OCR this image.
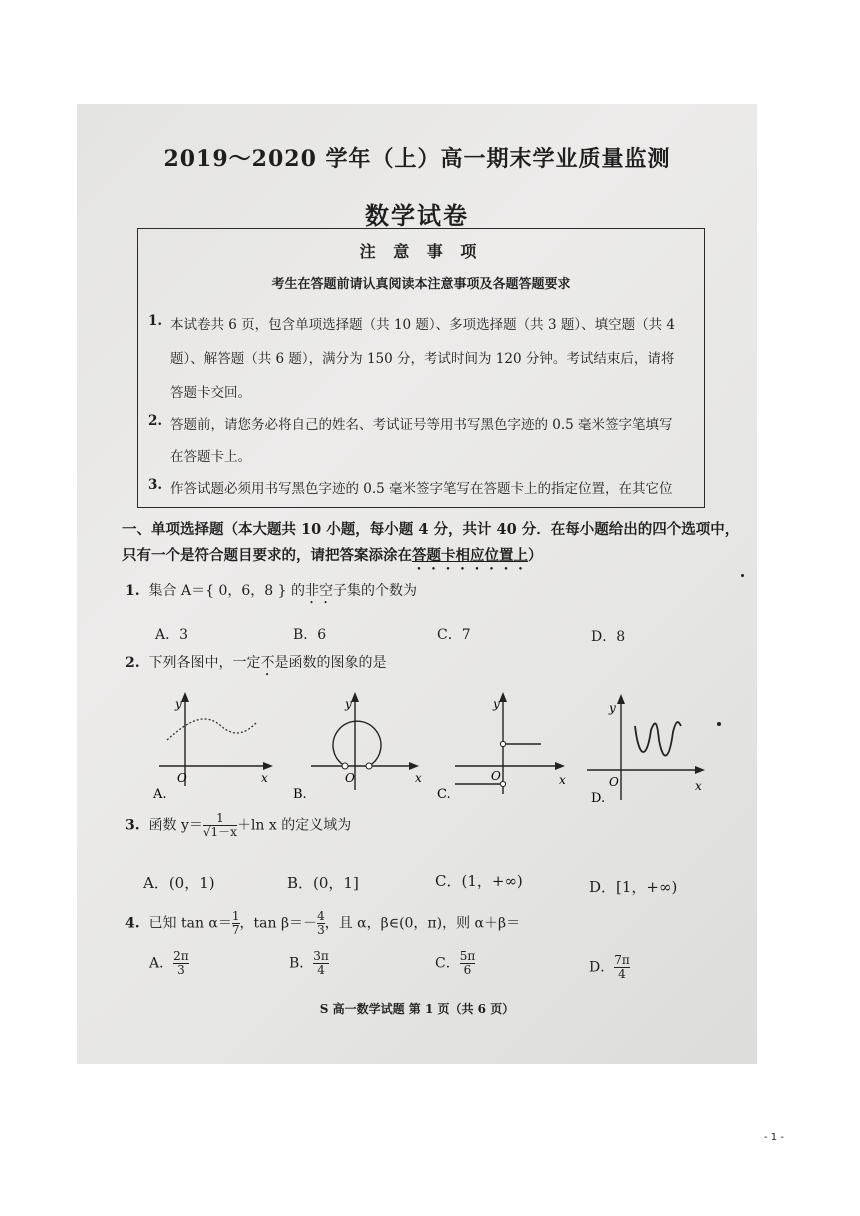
2019～2020 学年（上）高一期末学业质量监测
数学试卷
注 意 事 项
考生在答题前请认真阅读本注意事项及各题答题要求
1. 本试卷共 6 页，包含单项选择题（共 10 题）、多项选择题（共 3 题）、填空题（共 4
题）、解答题（共 6 题），满分为 150 分，考试时间为 120 分钟。考试结束后，请将
答题卡交回。
2. 答题前，请您务必将自己的姓名、考试证号等用书写黑色字迹的 0.5 毫米签字笔填写
在答题卡上。
3. 作答试题必须用书写黑色字迹的 0.5 毫米签字笔写在答题卡上的指定位置，在其它位
一、单项选择题（本大题共 10 小题，每小题 4 分，共计 40 分．在每小题给出的四个选项中，
只有一个是符合题目要求的，请把答案添涂在答题卡相应位置上）
1. 集合 A＝{ 0，6，8 } 的非空子集的个数为
A．3	B．6	C．7	D．8
2. 下列各图中，一定不是函数的图象的是
y
O	x
A.
y
O	x
B.
y
O	x
C.
y
O	x
D.
3. 函数 $y= \frac{1}{√1-x} +\ln$ x 的定义域为
A．(0，1)	B．(0，1]	C．(1，+∞)	D．[1，+∞)
4. 已知 $\tan \alpha= \frac{1}{7}$ ，$\tan \beta=- \frac{4}{3}$ ，且 α，β∈(0，π)，则 α＋β＝
A． $\frac{2\pi}{3}$	B． $\frac{3\pi}{4}$	C． $\frac{5\pi}{6}$	D． $\frac{7\pi}{4}$
S 高一数学试题 第 1 页（共 6 页）
- 1 -
